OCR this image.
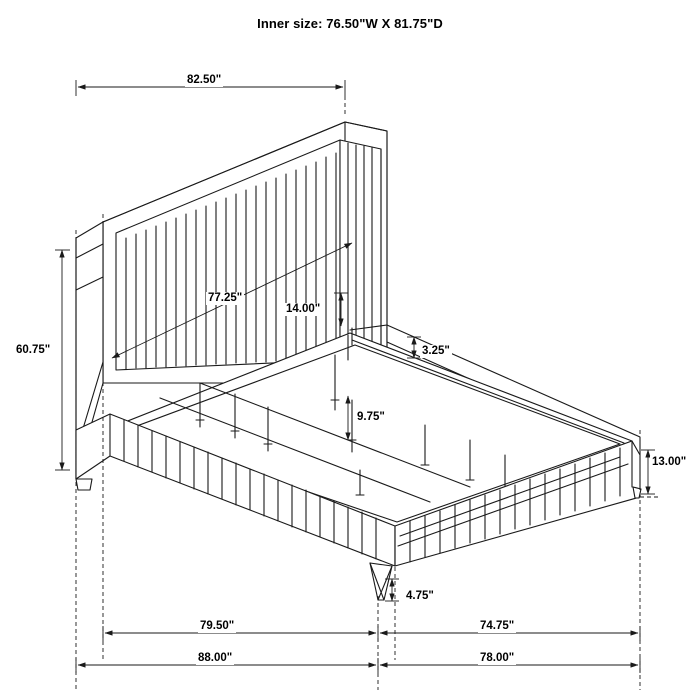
Inner size: 76.50"W X 81.75"D
82.50"
77.25"
14.00"
3.25"
60.75"
9.75"
13.00"
4.75"
79.50"	74.75"
88.00"	78.00"
